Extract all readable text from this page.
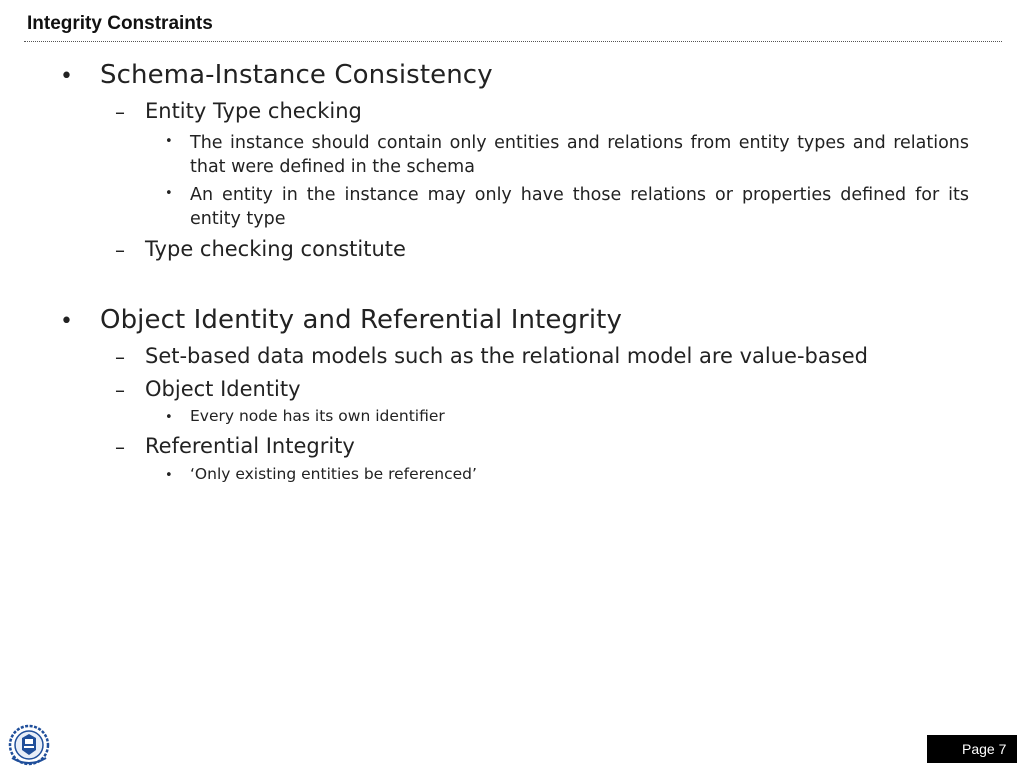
Integrity Constraints
• Schema-Instance Consistency
– Entity Type checking
• The instance should contain only entities and relations from entity types and relations that were defined in the schema
• An entity in the instance may only have those relations or properties defined for its entity type
– Type checking constitute
• Object Identity and Referential Integrity
– Set-based data models such as the relational model are value-based
– Object Identity
• Every node has its own identifier
– Referential Integrity
• ‘Only existing entities be referenced’
Page 7
